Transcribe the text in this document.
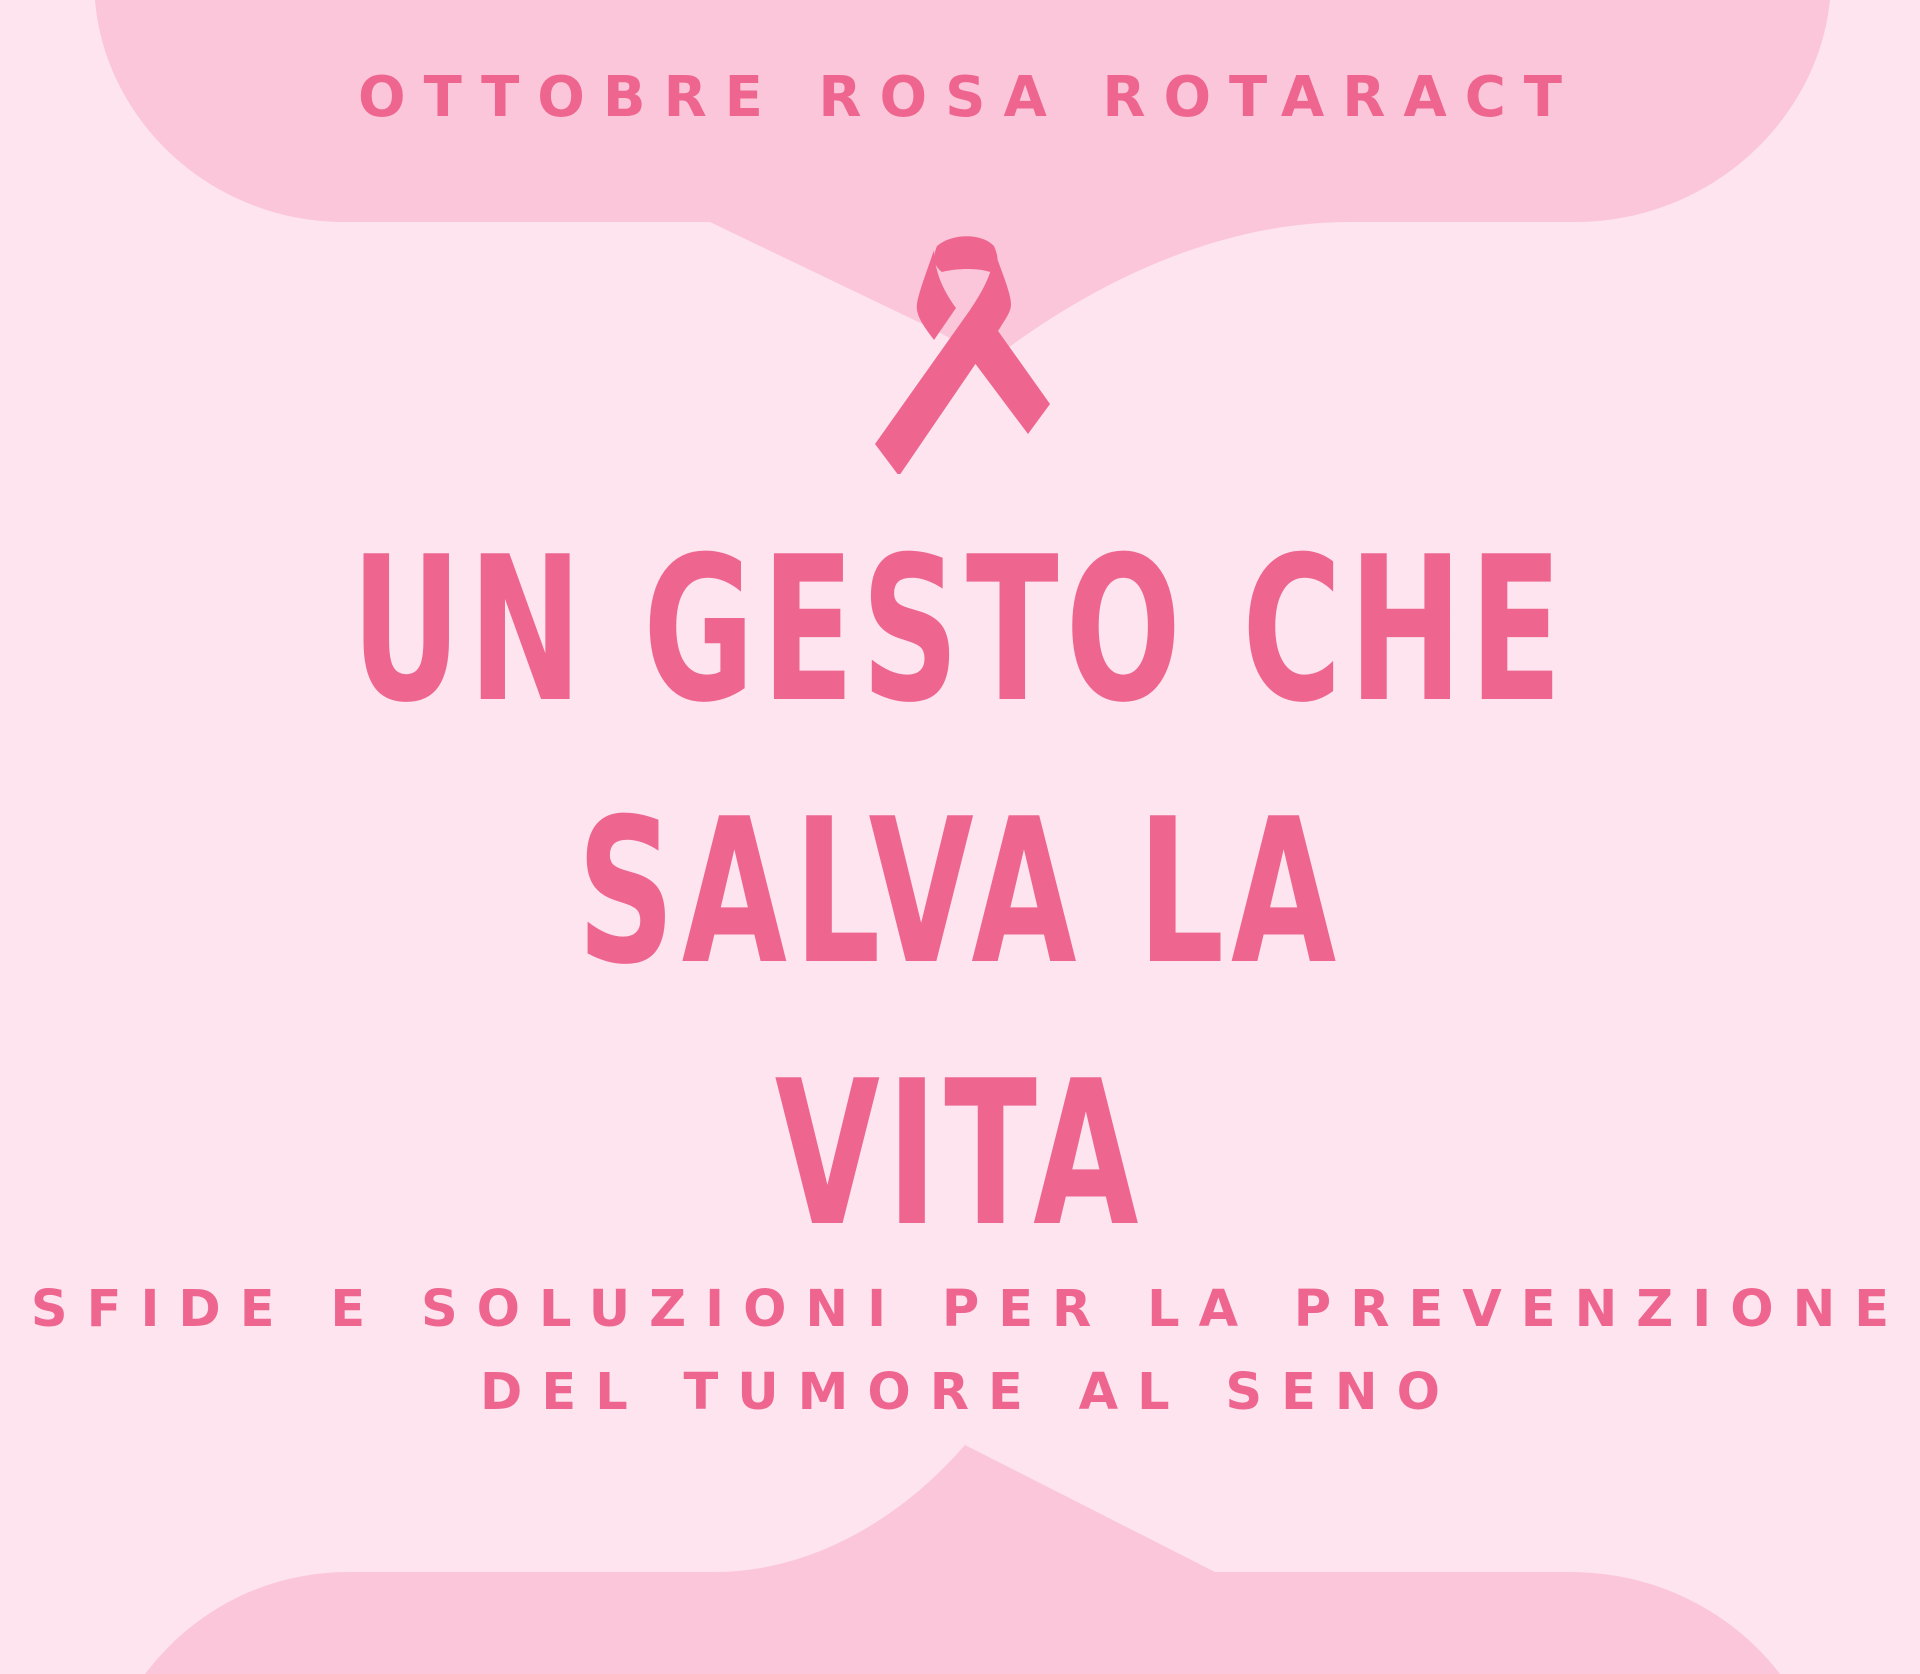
OTTOBRE ROSA ROTARACT
UN GESTO CHE
SALVA LA
VITA
SFIDE E SOLUZIONI PER LA PREVENZIONE
DEL TUMORE AL SENO
